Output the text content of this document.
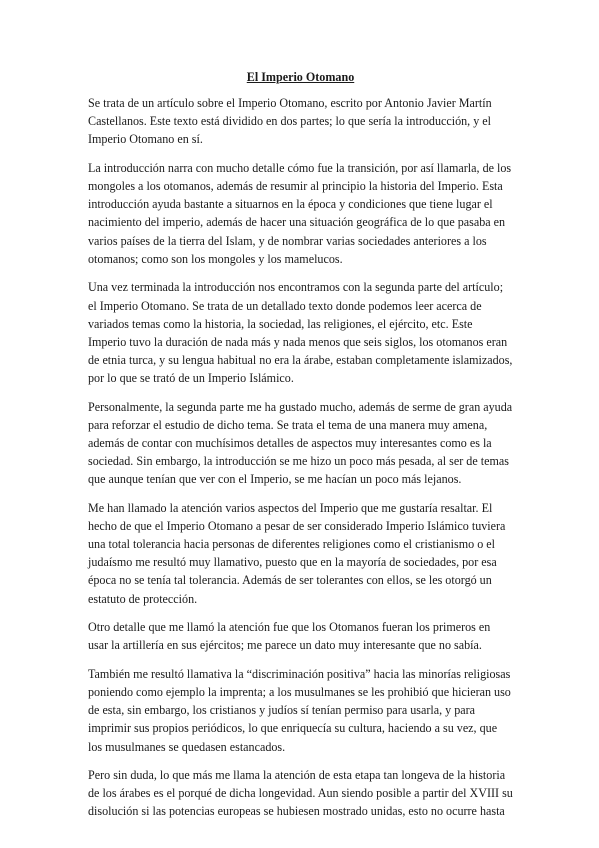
El Imperio Otomano

Se trata de un artículo sobre el Imperio Otomano, escrito por Antonio Javier Martín Castellanos. Este texto está dividido en dos partes; lo que sería la introducción, y el Imperio Otomano en sí.

La introducción narra con mucho detalle cómo fue la transición, por así llamarla, de los mongoles a los otomanos, además de resumir al principio la historia del Imperio. Esta introducción ayuda bastante a situarnos en la época y condiciones que tiene lugar el nacimiento del imperio, además de hacer una situación geográfica de lo que pasaba en varios países de la tierra del Islam, y de nombrar varias sociedades anteriores a los otomanos; como son los mongoles y los mamelucos.

Una vez terminada la introducción nos encontramos con la segunda parte del artículo; el Imperio Otomano. Se trata de un detallado texto donde podemos leer acerca de variados temas como la historia, la sociedad, las religiones, el ejército, etc. Este Imperio tuvo la duración de nada más y nada menos que seis siglos, los otomanos eran de etnia turca, y su lengua habitual no era la árabe, estaban completamente islamizados, por lo que se trató de un Imperio Islámico.

Personalmente, la segunda parte me ha gustado mucho, además de serme de gran ayuda para reforzar el estudio de dicho tema. Se trata el tema de una manera muy amena, además de contar con muchísimos detalles de aspectos muy interesantes como es la sociedad. Sin embargo, la introducción se me hizo un poco más pesada, al ser de temas que aunque tenían que ver con el Imperio, se me hacían un poco más lejanos.

Me han llamado la atención varios aspectos del Imperio que me gustaría resaltar. El hecho de que el Imperio Otomano a pesar de ser considerado Imperio Islámico tuviera una total tolerancia hacia personas de diferentes religiones como el cristianismo o el judaísmo me resultó muy llamativo, puesto que en la mayoría de sociedades, por esa época no se tenía tal tolerancia. Además de ser tolerantes con ellos, se les otorgó un estatuto de protección.

Otro detalle que me llamó la atención fue que los Otomanos fueran los primeros en usar la artillería en sus ejércitos; me parece un dato muy interesante que no sabía.

También me resultó llamativa la “discriminación positiva” hacia las minorías religiosas poniendo como ejemplo la imprenta; a los musulmanes se les prohibió que hicieran uso de esta, sin embargo, los cristianos y judíos sí tenían permiso para usarla, y para imprimir sus propios periódicos, lo que enriquecía su cultura, haciendo a su vez, que los musulmanes se quedasen estancados.

Pero sin duda, lo que más me llama la atención de esta etapa tan longeva de la historia de los árabes es el porqué de dicha longevidad. Aun siendo posible a partir del XVIII su disolución si las potencias europeas se hubiesen mostrado unidas, esto no ocurre hasta
